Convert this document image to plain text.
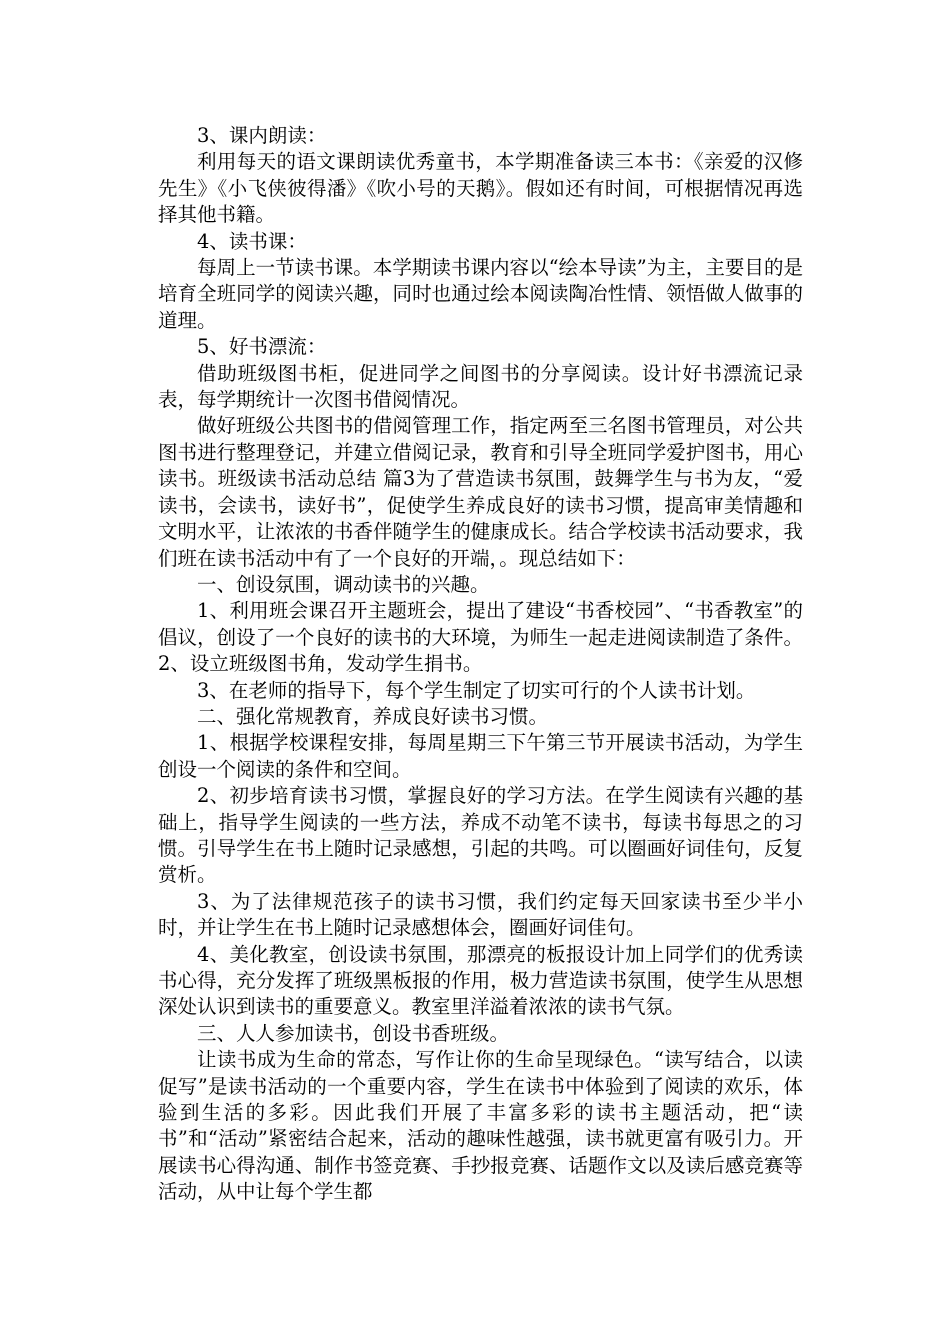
3、课内朗读：

利用每天的语文课朗读优秀童书，本学期准备读三本书：《亲爱的汉修先生》《小飞侠彼得潘》《吹小号的天鹅》。假如还有时间，可根据情况再选择其他书籍。

4、读书课：

每周上一节读书课。本学期读书课内容以“绘本导读”为主，主要目的是培育全班同学的阅读兴趣，同时也通过绘本阅读陶冶性情、领悟做人做事的道理。

5、好书漂流：

借助班级图书柜，促进同学之间图书的分享阅读。设计好书漂流记录表，每学期统计一次图书借阅情况。

做好班级公共图书的借阅管理工作，指定两至三名图书管理员，对公共图书进行整理登记，并建立借阅记录，教育和引导全班同学爱护图书，用心读书。班级读书活动总结 篇3为了营造读书氛围，鼓舞学生与书为友，“爱读书，会读书，读好书”，促使学生养成良好的读书习惯，提高审美情趣和文明水平，让浓浓的书香伴随学生的健康成长。结合学校读书活动要求，我们班在读书活动中有了一个良好的开端，。现总结如下：

一、创设氛围，调动读书的兴趣。

1、利用班会课召开主题班会，提出了建设“书香校园”、“书香教室”的倡议，创设了一个良好的读书的大环境，为师生一起走进阅读制造了条件。2、设立班级图书角，发动学生捐书。

3、在老师的指导下，每个学生制定了切实可行的个人读书计划。

二、强化常规教育，养成良好读书习惯。

1、根据学校课程安排，每周星期三下午第三节开展读书活动，为学生创设一个阅读的条件和空间。

2、初步培育读书习惯，掌握良好的学习方法。在学生阅读有兴趣的基础上，指导学生阅读的一些方法，养成不动笔不读书，每读书每思之的习惯。引导学生在书上随时记录感想，引起的共鸣。可以圈画好词佳句，反复赏析。

3、为了法律规范孩子的读书习惯，我们约定每天回家读书至少半小时，并让学生在书上随时记录感想体会，圈画好词佳句。

4、美化教室，创设读书氛围，那漂亮的板报设计加上同学们的优秀读书心得，充分发挥了班级黑板报的作用，极力营造读书氛围，使学生从思想深处认识到读书的重要意义。教室里洋溢着浓浓的读书气氛。

三、人人参加读书，创设书香班级。

让读书成为生命的常态，写作让你的生命呈现绿色。“读写结合，以读促写”是读书活动的一个重要内容，学生在读书中体验到了阅读的欢乐，体验到生活的多彩。因此我们开展了丰富多彩的读书主题活动，把“读书”和“活动”紧密结合起来，活动的趣味性越强，读书就更富有吸引力。开展读书心得沟通、制作书签竞赛、手抄报竞赛、话题作文以及读后感竞赛等活动，从中让每个学生都
